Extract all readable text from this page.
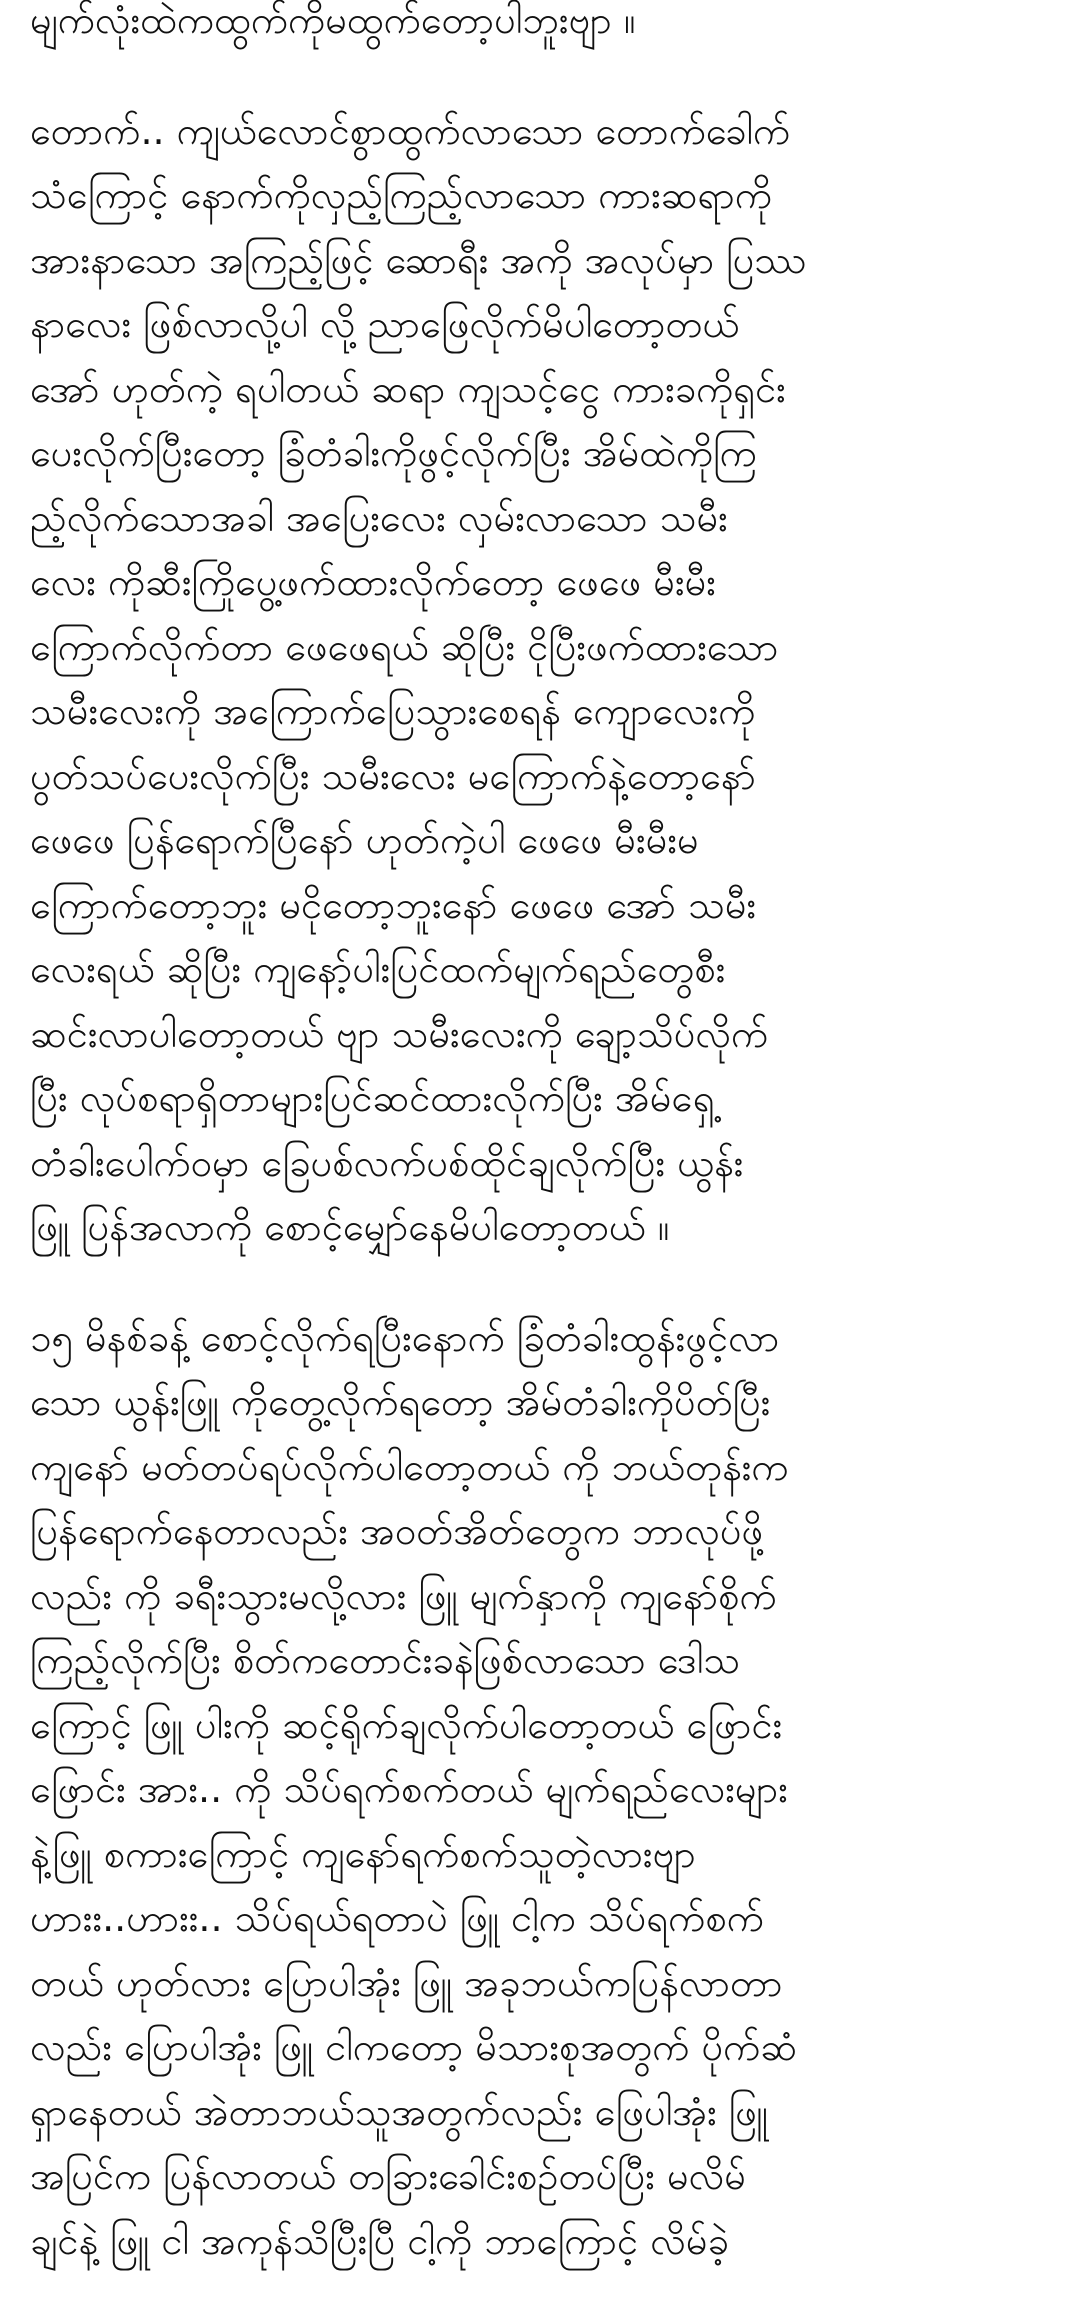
မျက်လုံးထဲကထွက်ကိုမထွက်တော့ပါဘူးဗျာ ။
တောက်.. ကျယ်လောင်စွာထွက်လာသော တောက်ခေါက်
သံကြောင့် နောက်ကိုလှည့်ကြည့်လာသော ကားဆရာကို
အားနာသော အကြည့်ဖြင့် ဆောရီး အကို အလုပ်မှာ ပြဿ
နာလေး ဖြစ်လာလို့ပါ လို့ ညာဖြေလိုက်မိပါတော့တယ်
အော် ဟုတ်ကဲ့ ရပါတယ် ဆရာ ကျသင့်ငွေ ကားခကိုရှင်း
ပေးလိုက်ပြီးတော့ ခြံတံခါးကိုဖွင့်လိုက်ပြီး အိမ်ထဲကိုကြ
ည့်လိုက်သောအခါ အပြေးလေး လှမ်းလာသော သမီး
လေး ကိုဆီးကြိုပွေ့ဖက်ထားလိုက်တော့ ဖေဖေ မီးမီး
ကြောက်လိုက်တာ ဖေဖေရယ် ဆိုပြီး ငိုပြီးဖက်ထားသော
သမီးလေးကို အကြောက်ပြေသွားစေရန် ကျောလေးကို
ပွတ်သပ်ပေးလိုက်ပြီး သမီးလေး မကြောက်နဲ့တော့နော်
ဖေဖေ ပြန်ရောက်ပြီနော် ဟုတ်ကဲ့ပါ ဖေဖေ မီးမီးမ
ကြောက်တော့ဘူး မငိုတော့ဘူးနော် ဖေဖေ အော် သမီး
လေးရယ် ဆိုပြီး ကျနော့်ပါးပြင်ထက်မျက်ရည်တွေစီး
ဆင်းလာပါတော့တယ် ဗျာ သမီးလေးကို ချော့သိပ်လိုက်
ပြီး လုပ်စရာရှိတာများပြင်ဆင်ထားလိုက်ပြီး အိမ်ရှေ့
တံခါးပေါက်ဝမှာ ခြေပစ်လက်ပစ်ထိုင်ချလိုက်ပြီး ယွန်း
ဖြူ ပြန်အလာကို စောင့်မျှော်နေမိပါတော့တယ် ။
၁၅ မိနစ်ခန့် စောင့်လိုက်ရပြီးနောက် ခြံတံခါးထွန်းဖွင့်လာ
သော ယွန်းဖြူ ကိုတွေ့လိုက်ရတော့ အိမ်တံခါးကိုပိတ်ပြီး
ကျနော် မတ်တပ်ရပ်လိုက်ပါတော့တယ် ကို ဘယ်တုန်းက
ပြန်ရောက်နေတာလည်း အဝတ်အိတ်တွေက ဘာလုပ်ဖို့
လည်း ကို ခရီးသွားမလို့လား ဖြူ မျက်နှာကို ကျနော်စိုက်
ကြည့်လိုက်ပြီး စိတ်ကတောင်းခနဲဖြစ်လာသော ဒေါသ
ကြောင့် ဖြူ ပါးကို ဆင့်ရိုက်ချလိုက်ပါတော့တယ် ဖြောင်း
ဖြောင်း အား.. ကို သိပ်ရက်စက်တယ် မျက်ရည်လေးများ
နဲ့ဖြူ စကားကြောင့် ကျနော်ရက်စက်သူတဲ့လားဗျာ
ဟားး..ဟားး.. သိပ်ရယ်ရတာပဲ ဖြူ ငါ့က သိပ်ရက်စက်
တယ် ဟုတ်လား ပြောပါအုံး ဖြူ အခုဘယ်ကပြန်လာတာ
လည်း ပြောပါအုံး ဖြူ ငါကတော့ မိသားစုအတွက် ပိုက်ဆံ
ရှာနေတယ် အဲတာဘယ်သူအတွက်လည်း ဖြေပါအုံး ဖြူ
အပြင်က ပြန်လာတယ် တခြားခေါင်းစဉ်တပ်ပြီး မလိမ်
ချင်နဲ့ ဖြူ ငါ အကုန်သိပြီးပြီ ငါ့ကို ဘာကြောင့် လိမ်ခဲ့
